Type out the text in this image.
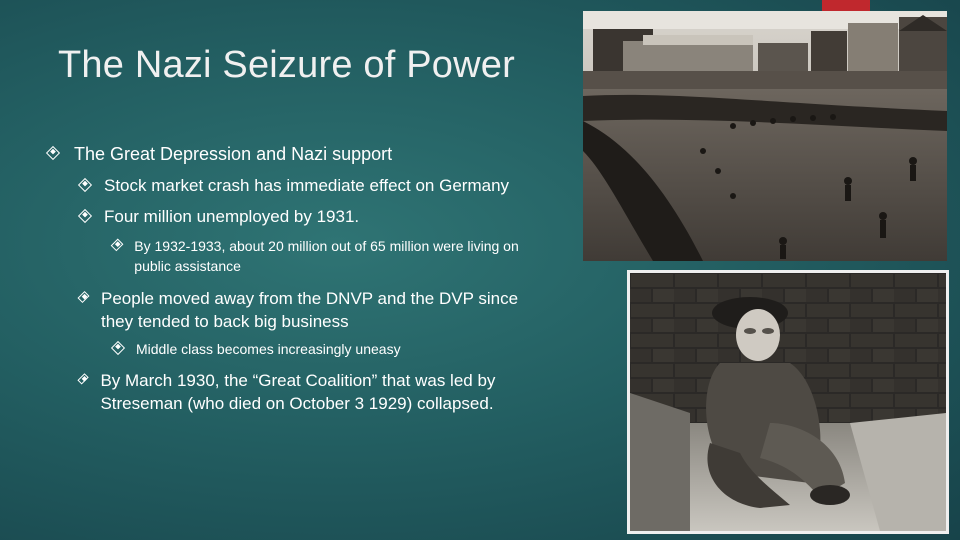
The Nazi Seizure of Power
The Great Depression and Nazi support
Stock market crash has immediate effect on Germany
Four million unemployed by 1931.
By 1932-1933, about 20 million out of 65 million were living on public assistance
People moved away from the DNVP and the DVP since they tended to back big business
Middle class becomes increasingly uneasy
By March 1930, the “Great Coalition” that was led by Streseman (who died on October 3 1929) collapsed.
